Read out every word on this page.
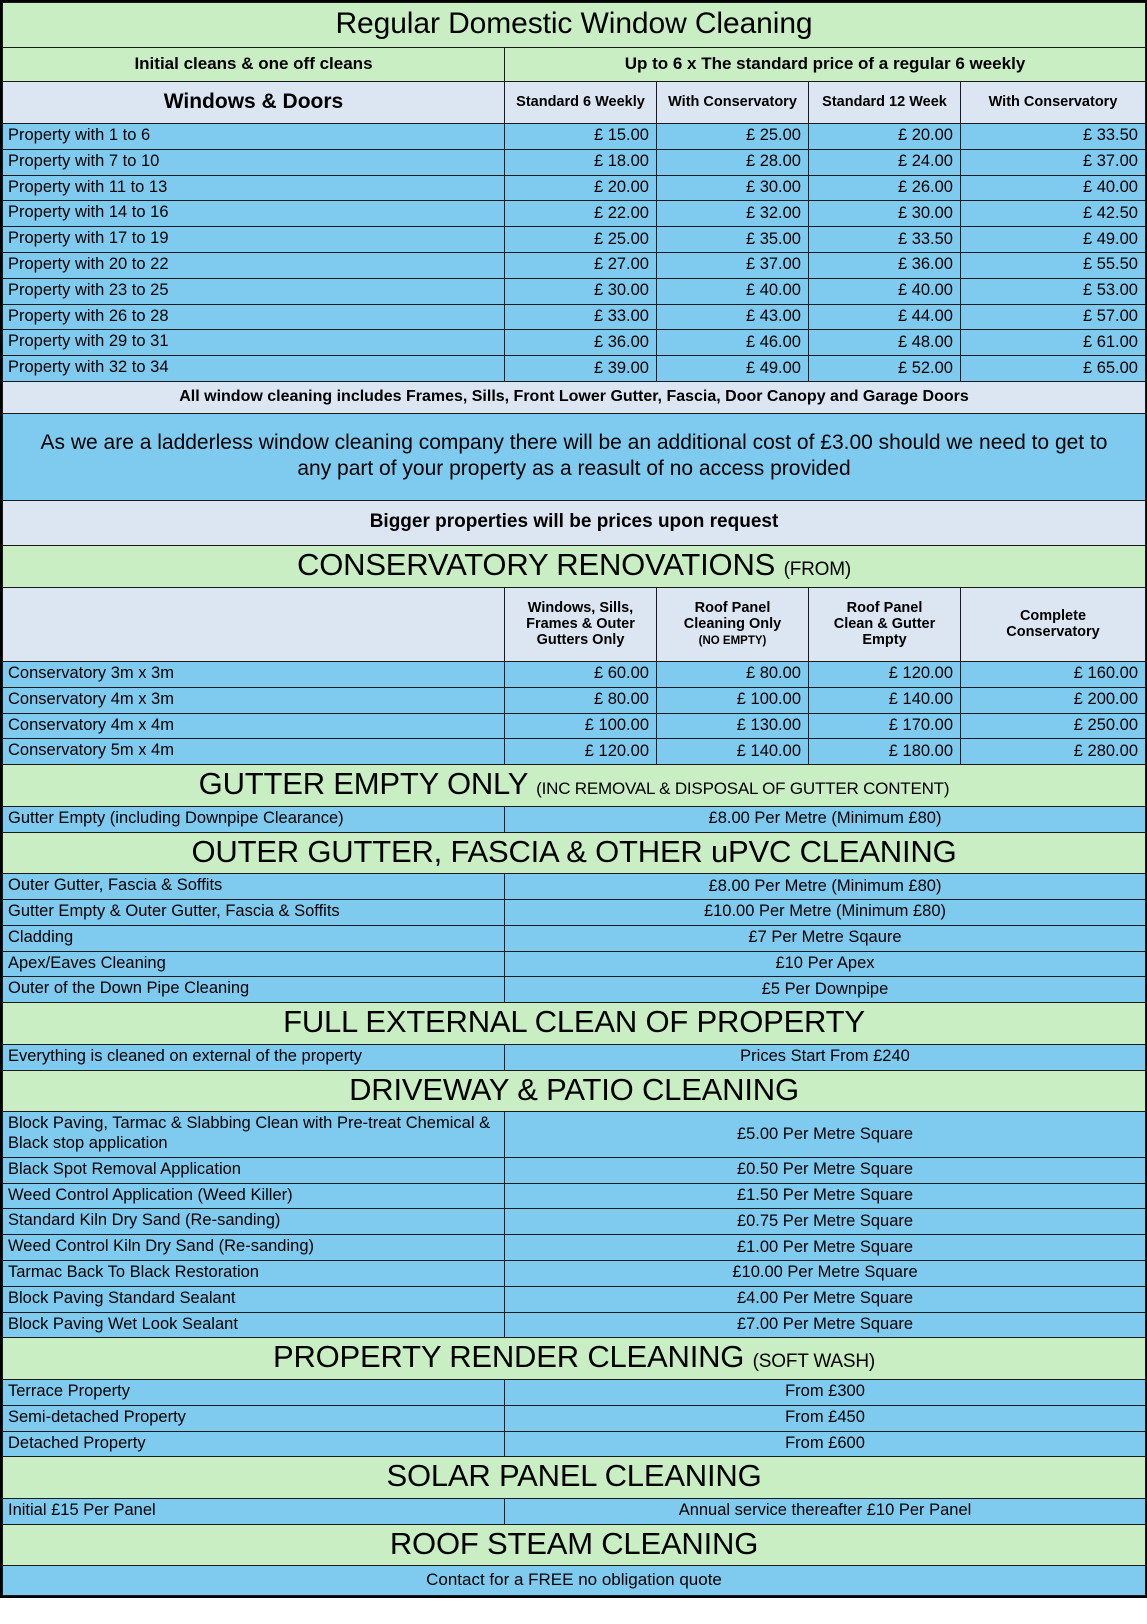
Regular Domestic Window Cleaning				

Initial cleans & one off cleans	Up to 6 x The standard price of a regular 6 weekly			

Windows & Doors	Standard 6 Weekly	With Conservatory	Standard 12 Week	With Conservatory

Property with 1 to 6	£ 15.00	£ 25.00	£ 20.00	£ 33.50

Property with 7 to 10	£ 18.00	£ 28.00	£ 24.00	£ 37.00

Property with 11 to 13	£ 20.00	£ 30.00	£ 26.00	£ 40.00

Property with 14 to 16	£ 22.00	£ 32.00	£ 30.00	£ 42.50

Property with 17 to 19	£ 25.00	£ 35.00	£ 33.50	£ 49.00

Property with 20 to 22	£ 27.00	£ 37.00	£ 36.00	£ 55.50

Property with 23 to 25	£ 30.00	£ 40.00	£ 40.00	£ 53.00

Property with 26 to 28	£ 33.00	£ 43.00	£ 44.00	£ 57.00

Property with 29 to 31	£ 36.00	£ 46.00	£ 48.00	£ 61.00

Property with 32 to 34	£ 39.00	£ 49.00	£ 52.00	£ 65.00

All window cleaning includes Frames, Sills, Front Lower Gutter, Fascia, Door Canopy and Garage Doors				

As we are a ladderless window cleaning company there will be an additional cost of £3.00 should we need to get to any part of your property as a reasult of no access provided				

Bigger properties will be prices upon request				

CONSERVATORY RENOVATIONS (FROM)				

	Windows, Sills,
Frames & Outer
Gutters Only	Roof Panel
Cleaning Only
(NO EMPTY)	Roof Panel
Clean & Gutter
Empty	Complete
Conservatory

Conservatory 3m x 3m	£ 60.00	£ 80.00	£ 120.00	£ 160.00

Conservatory 4m x 3m	£ 80.00	£ 100.00	£ 140.00	£ 200.00

Conservatory 4m x 4m	£ 100.00	£ 130.00	£ 170.00	£ 250.00

Conservatory 5m x 4m	£ 120.00	£ 140.00	£ 180.00	£ 280.00

GUTTER EMPTY ONLY (INC REMOVAL & DISPOSAL OF GUTTER CONTENT)				

Gutter Empty (including Downpipe Clearance)	£8.00 Per Metre (Minimum £80)			

OUTER GUTTER, FASCIA & OTHER uPVC CLEANING				

Outer Gutter, Fascia & Soffits	£8.00 Per Metre (Minimum £80)			

Gutter Empty & Outer Gutter, Fascia & Soffits	£10.00 Per Metre (Minimum £80)			

Cladding	£7 Per Metre Sqaure			

Apex/Eaves Cleaning	£10 Per Apex			

Outer of the Down Pipe Cleaning	£5 Per Downpipe			

FULL EXTERNAL CLEAN OF PROPERTY				

Everything is cleaned on external of the property	Prices Start From £240			

DRIVEWAY & PATIO CLEANING				

Block Paving, Tarmac & Slabbing Clean with Pre-treat Chemical & Black stop application	£5.00 Per Metre Square			

Black Spot Removal Application	£0.50 Per Metre Square			

Weed Control Application (Weed Killer)	£1.50 Per Metre Square			

Standard Kiln Dry Sand (Re-sanding)	£0.75 Per Metre Square			

Weed Control Kiln Dry Sand (Re-sanding)	£1.00 Per Metre Square			

Tarmac Back To Black Restoration	£10.00 Per Metre Square			

Block Paving Standard Sealant	£4.00 Per Metre Square			

Block Paving Wet Look Sealant	£7.00 Per Metre Square			

PROPERTY RENDER CLEANING (SOFT WASH)				

Terrace Property	From £300			

Semi-detached Property	From £450			

Detached Property	From £600			

SOLAR PANEL CLEANING				

Initial £15 Per Panel	Annual service thereafter £10 Per Panel			

ROOF STEAM CLEANING				

Contact for a FREE no obligation quote				
